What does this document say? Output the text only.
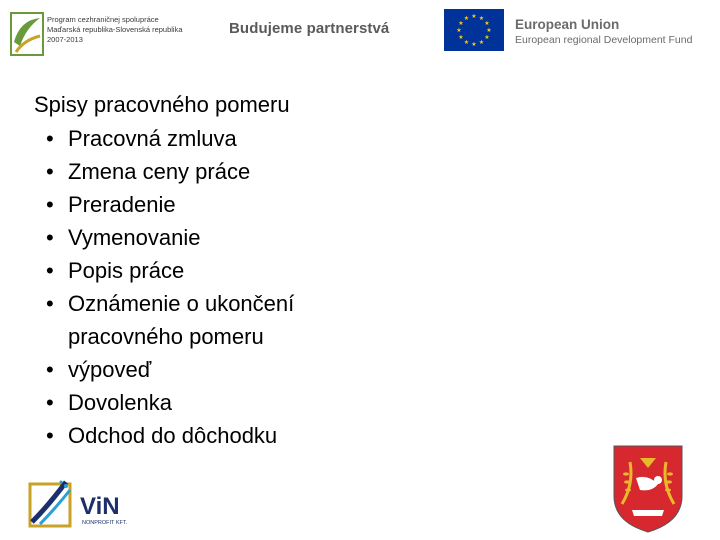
Program cezhraničnej spolupráce
Maďarská republika-Slovenská republika
2007-2013
Budujeme partnerstvá
★ ★
★
★
★
★
★
★
★
★
★
★	European Union
European regional Development Fund
Spisy pracovného pomeru
• Pracovná zmluva
• Zmena ceny práce
• Preradenie
• Vymenovanie
• Popis práce
• Oznámenie o ukončení pracovného pomeru
• výpoveď
• Dovolenka
• Odchod do dôchodku
ViN
NONPROFIT KFT.
